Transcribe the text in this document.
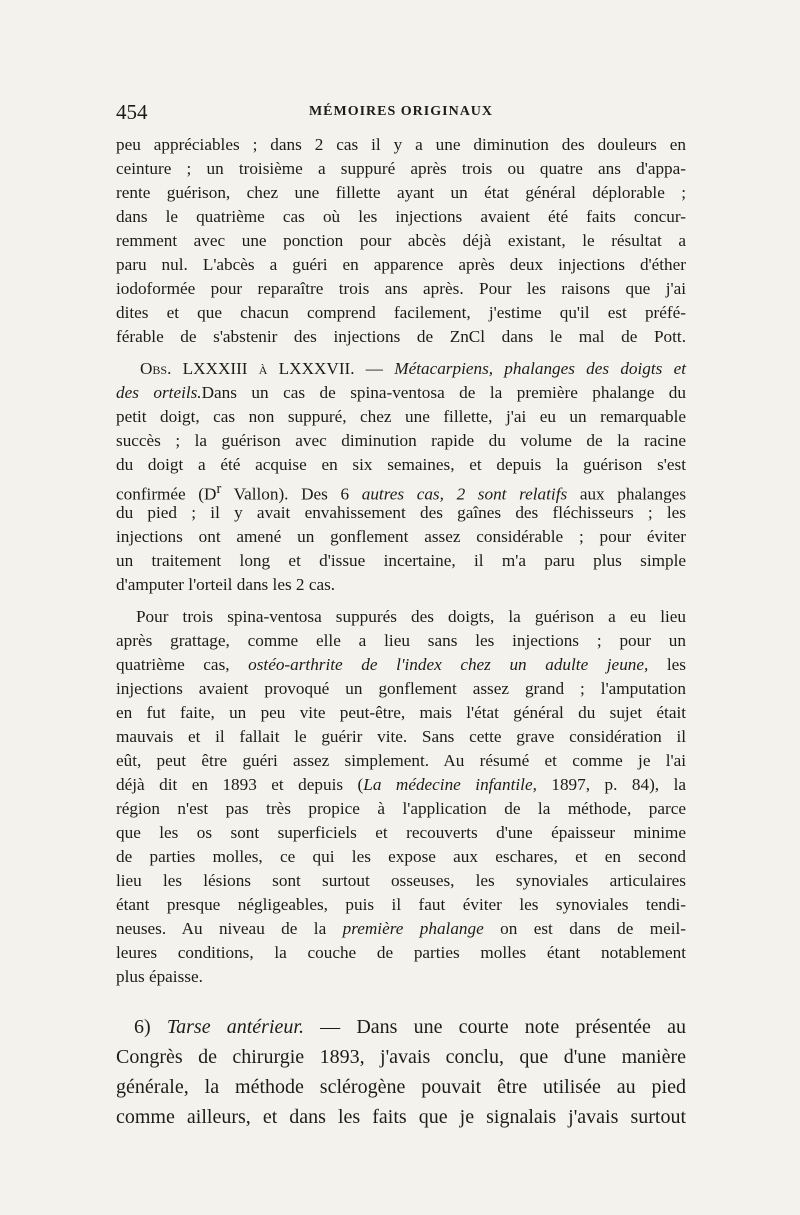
454	MÉMOIRES ORIGINAUX
peu appréciables ; dans 2 cas il y a une diminution des douleurs en
ceinture ; un troisième a suppuré après trois ou quatre ans d'appa-
rente guérison, chez une fillette ayant un état général déplorable ;
dans le quatrième cas où les injections avaient été faits concur-
remment avec une ponction pour abcès déjà existant, le résultat a
paru nul. L'abcès a guéri en apparence après deux injections d'éther
iodoformée pour reparaître trois ans après. Pour les raisons que j'ai
dites et que chacun comprend facilement, j'estime qu'il est préfé-
férable de s'abstenir des injections de ZnCl dans le mal de Pott.
Obs. LXXXIII à LXXXVII. — Métacarpiens, phalanges des doigts et
des orteils.Dans un cas de spina-ventosa de la première phalange du
petit doigt, cas non suppuré, chez une fillette, j'ai eu un remarquable
succès ; la guérison avec diminution rapide du volume de la racine
du doigt a été acquise en six semaines, et depuis la guérison s'est
confirmée ($D^r$ Vallon). Des 6 autres cas, 2 sont relatifs aux phalanges
du pied ; il y avait envahissement des gaînes des fléchisseurs ; les
injections ont amené un gonflement assez considérable ; pour éviter
un traitement long et d'issue incertaine, il m'a paru plus simple
d'amputer l'orteil dans les 2 cas.
Pour trois spina-ventosa suppurés des doigts, la guérison a eu lieu
après grattage, comme elle a lieu sans les injections ; pour un
quatrième cas, ostéo-arthrite de l'index chez un adulte jeune, les
injections avaient provoqué un gonflement assez grand ; l'amputation
en fut faite, un peu vite peut-être, mais l'état général du sujet était
mauvais et il fallait le guérir vite. Sans cette grave considération il
eût, peut être guéri assez simplement. Au résumé et comme je l'ai
déjà dit en 1893 et depuis (La médecine infantile, 1897, p. 84), la
région n'est pas très propice à l'application de la méthode, parce
que les os sont superficiels et recouverts d'une épaisseur minime
de parties molles, ce qui les expose aux eschares, et en second
lieu les lésions sont surtout osseuses, les synoviales articulaires
étant presque négligeables, puis il faut éviter les synoviales tendi-
neuses. Au niveau de la première phalange on est dans de meil-
leures conditions, la couche de parties molles étant notablement
plus épaisse.
6) Tarse antérieur. — Dans une courte note présentée au
Congrès de chirurgie 1893, j'avais conclu, que d'une manière
générale, la méthode sclérogène pouvait être utilisée au pied
comme ailleurs, et dans les faits que je signalais j'avais surtout
